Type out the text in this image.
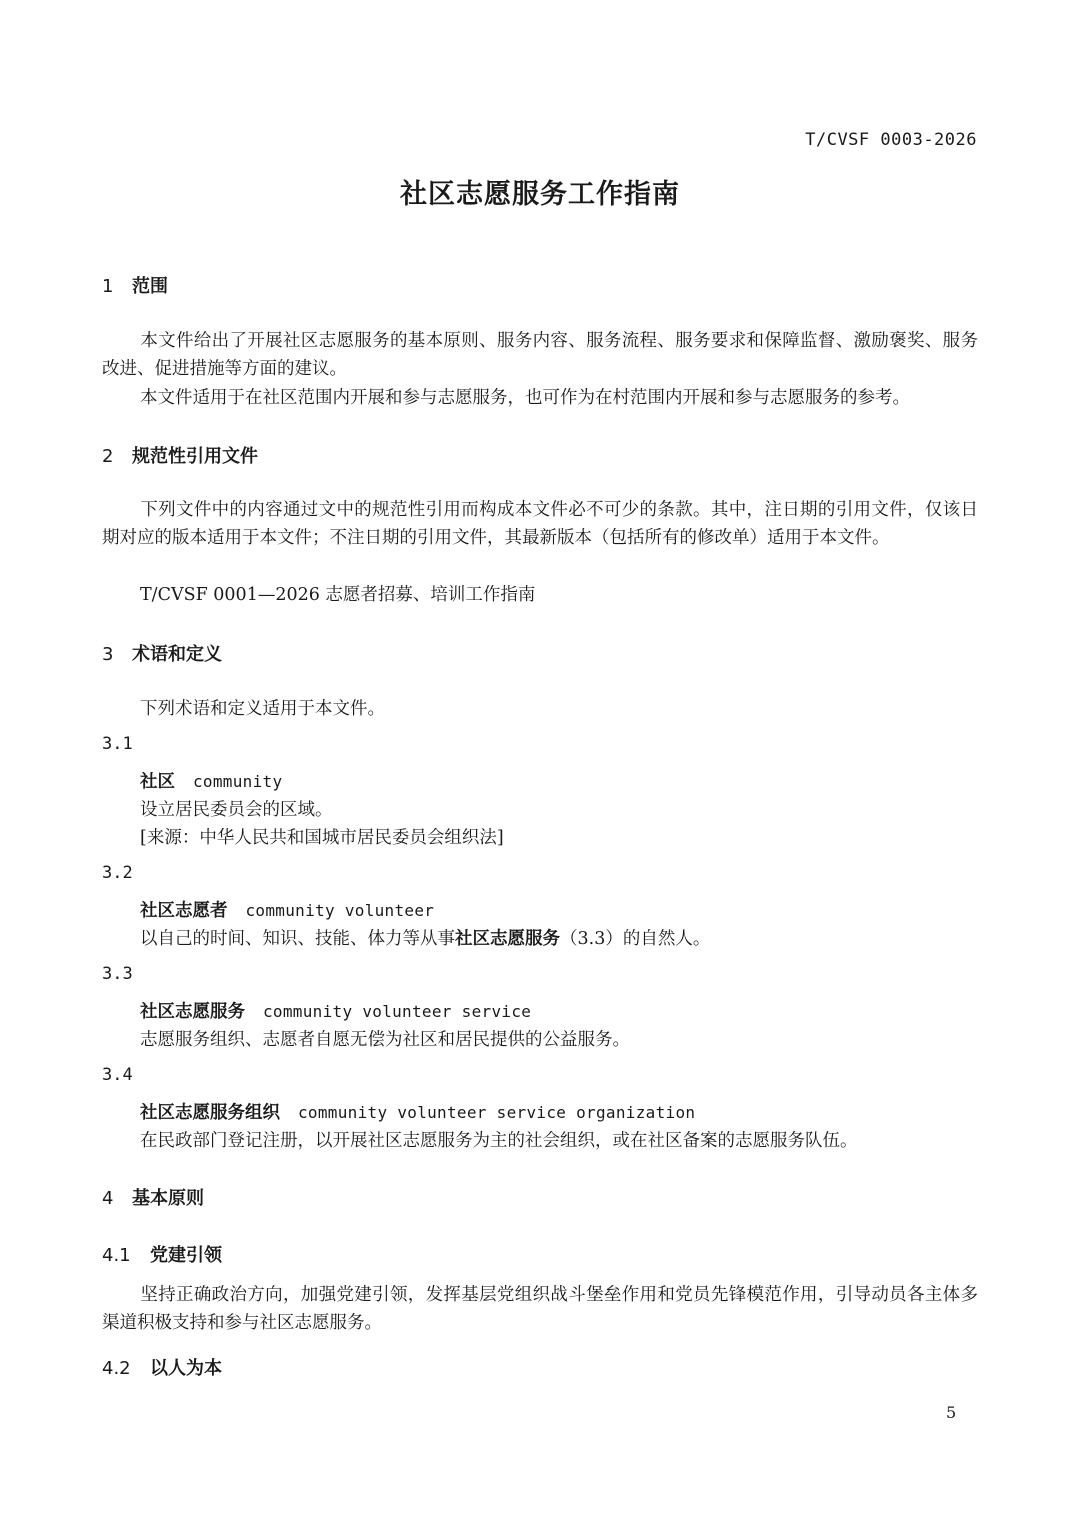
T/CVSF 0003-2026
社区志愿服务工作指南
1 范围
本文件给出了开展社区志愿服务的基本原则、服务内容、服务流程、服务要求和保障监督、激励褒奖、服务改进、促进措施等方面的建议。
本文件适用于在社区范围内开展和参与志愿服务，也可作为在村范围内开展和参与志愿服务的参考。
2 规范性引用文件
下列文件中的内容通过文中的规范性引用而构成本文件必不可少的条款。其中，注日期的引用文件，仅该日期对应的版本适用于本文件；不注日期的引用文件，其最新版本（包括所有的修改单）适用于本文件。
T/CVSF 0001—2026 志愿者招募、培训工作指南
3 术语和定义
下列术语和定义适用于本文件。
3.1
社区 community
设立居民委员会的区域。
[来源：中华人民共和国城市居民委员会组织法]
3.2
社区志愿者 community volunteer
以自己的时间、知识、技能、体力等从事社区志愿服务（3.3）的自然人。
3.3
社区志愿服务 community volunteer service
志愿服务组织、志愿者自愿无偿为社区和居民提供的公益服务。
3.4
社区志愿服务组织 community volunteer service organization
在民政部门登记注册，以开展社区志愿服务为主的社会组织，或在社区备案的志愿服务队伍。
4 基本原则
4.1 党建引领
坚持正确政治方向，加强党建引领，发挥基层党组织战斗堡垒作用和党员先锋模范作用，引导动员各主体多渠道积极支持和参与社区志愿服务。
4.2 以人为本
5
